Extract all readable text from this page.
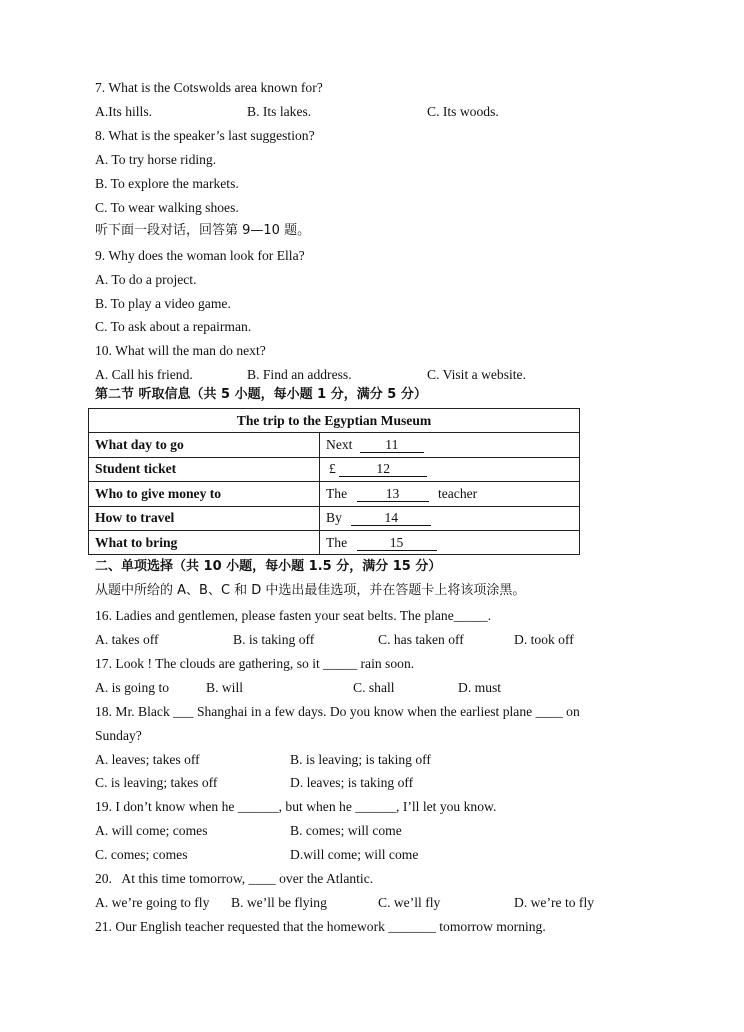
7. What is the Cotswolds area known for?
A.Its hills.	B. Its lakes.	C. Its woods.
8. What is the speaker’s last suggestion?
A. To try horse riding.
B. To explore the markets.
C. To wear walking shoes.
听下面一段对话，回答第 9—10 题。
9. Why does the woman look for Ella?
A. To do a project.
B. To play a video game.
C. To ask about a repairman.
10. What will the man do next?
A. Call his friend.	B. Find an address.	C. Visit a website.
第二节 听取信息（共 5 小题，每小题 1 分，满分 5 分）
The trip to the Egyptian Museum	
What day to go	Next 11
Student ticket	£ 12
Who to give money to	The 13 teacher
How to travel	By 14
What to bring	The 15
二、单项选择（共 10 小题，每小题 1.5 分，满分 15 分）
从题中所给的 A、B、C 和 D 中选出最佳选项，并在答题卡上将该项涂黑。
16. Ladies and gentlemen, please fasten your seat belts. The plane_____.
A. takes off	B. is taking off	C. has taken off	D. took off
17. Look ! The clouds are gathering, so it _____ rain soon.
A. is going to	B. will	C. shall	D. must
18. Mr. Black ___ Shanghai in a few days. Do you know when the earliest plane ____ on
Sunday?
A. leaves; takes off	B. is leaving; is taking off
C. is leaving; takes off	D. leaves; is taking off
19. I don’t know when he ______, but when he ______, I’ll let you know.
A. will come; comes	B. comes; will come
C. comes; comes	D.will come; will come
20.   At this time tomorrow, ____ over the Atlantic.
A. we’re going to fly B. we’ll be flying	C. we’ll fly	D. we’re to fly
21. Our English teacher requested that the homework _______ tomorrow morning.
